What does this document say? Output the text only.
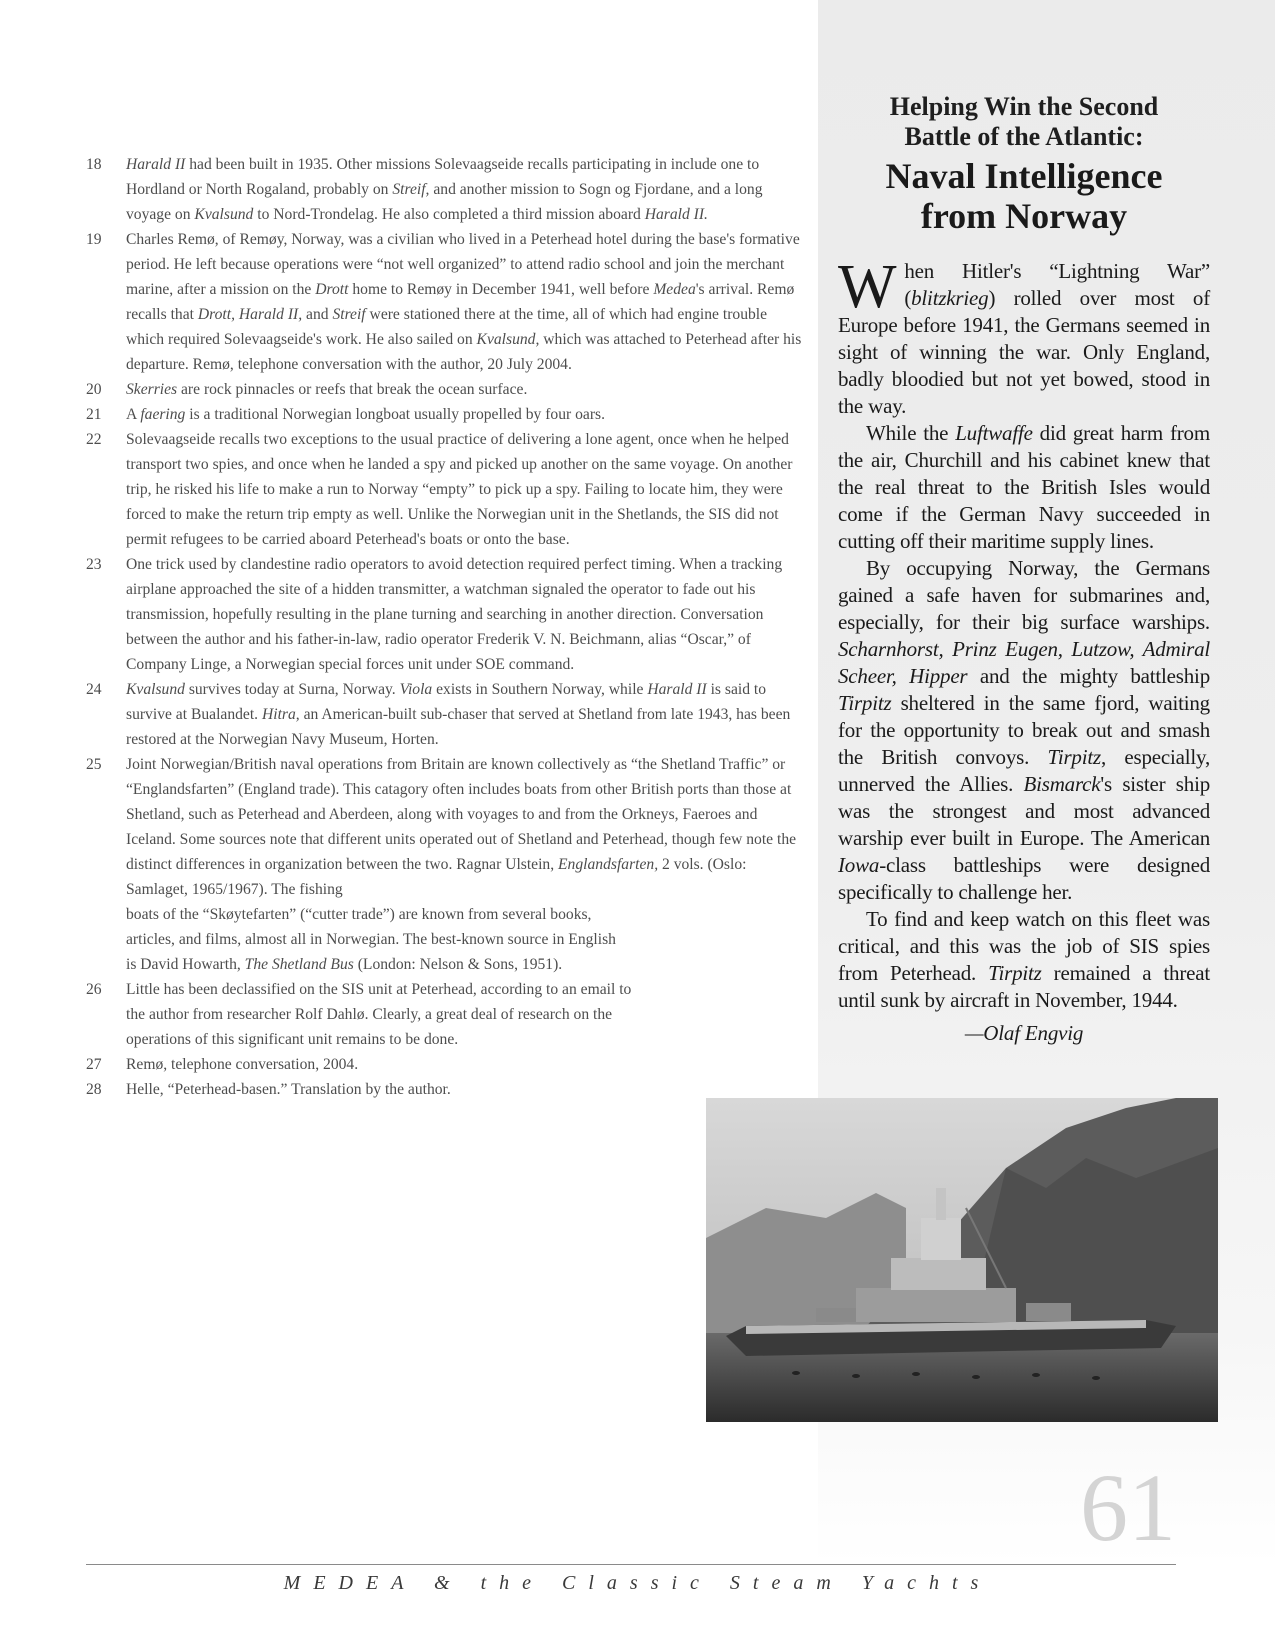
18	Harald II had been built in 1935. Other missions Solevaagseide recalls participating in include one to Hordland or North Rogaland, probably on Streif, and another mission to Sogn og Fjordane, and a long voyage on Kvalsund to Nord-Trondelag. He also completed a third mission aboard Harald II.
19	Charles Remø, of Remøy, Norway, was a civilian who lived in a Peterhead hotel during the base's formative period. He left because operations were “not well organized” to attend radio school and join the merchant marine, after a mission on the Drott home to Remøy in December 1941, well before Medea's arrival. Remø recalls that Drott, Harald II, and Streif were stationed there at the time, all of which had engine trouble which required Solevaagseide's work. He also sailed on Kvalsund, which was attached to Peterhead after his departure. Remø, telephone conversation with the author, 20 July 2004.
20	Skerries are rock pinnacles or reefs that break the ocean surface.
21	A faering is a traditional Norwegian longboat usually propelled by four oars.
22	Solevaagseide recalls two exceptions to the usual practice of delivering a lone agent, once when he helped transport two spies, and once when he landed a spy and picked up another on the same voyage. On another trip, he risked his life to make a run to Norway “empty” to pick up a spy. Failing to locate him, they were forced to make the return trip empty as well. Unlike the Norwegian unit in the Shetlands, the SIS did not permit refugees to be carried aboard Peterhead's boats or onto the base.
23	One trick used by clandestine radio operators to avoid detection required perfect timing. When a tracking airplane approached the site of a hidden transmitter, a watchman signaled the operator to fade out his transmission, hopefully resulting in the plane turning and searching in another direction. Conversation between the author and his father-in-law, radio operator Frederik V. N. Beichmann, alias “Oscar,” of Company Linge, a Norwegian special forces unit under SOE command.
24	Kvalsund survives today at Surna, Norway. Viola exists in Southern Norway, while Harald II is said to survive at Bualandet. Hitra, an American-built sub-chaser that served at Shetland from late 1943, has been restored at the Norwegian Navy Museum, Horten.
25	Joint Norwegian/British naval operations from Britain are known collectively as “the Shetland Traffic” or “Englandsfarten” (England trade). This catagory often includes boats from other British ports than those at Shetland, such as Peterhead and Aberdeen, along with voyages to and from the Orkneys, Faeroes and Iceland. Some sources note that different units operated out of Shetland and Peterhead, though few note the distinct differences in organization between the two. Ragnar Ulstein, Englandsfarten, 2 vols. (Oslo: Samlaget, 1965/1967). The fishing
boats of the “Skøytefarten” (“cutter trade”) are known from several books, articles, and films, almost all in Norwegian. The best-known source in English is David Howarth, The Shetland Bus (London: Nelson & Sons, 1951).
26	Little has been declassified on the SIS unit at Peterhead, according to an email to the author from researcher Rolf Dahlø. Clearly, a great deal of research on the operations of this significant unit remains to be done.
27	Remø, telephone conversation, 2004.
28	Helle, “Peterhead-basen.” Translation by the author.
Helping Win the Second
Battle of the Atlantic:
Naval Intelligence
from Norway

When Hitler's “Lightning War” (blitzkrieg) rolled over most of Europe before 1941, the Germans seemed in sight of winning the war. Only England, badly bloodied but not yet bowed, stood in the way.

While the Luftwaffe did great harm from the air, Churchill and his cabinet knew that the real threat to the British Isles would come if the German Navy succeeded in cutting off their maritime supply lines.

By occupying Norway, the Germans gained a safe haven for submarines and, especially, for their big surface warships. Scharnhorst, Prinz Eugen, Lutzow, Admiral Scheer, Hipper and the mighty battleship Tirpitz sheltered in the same fjord, waiting for the opportunity to break out and smash the British convoys. Tirpitz, especially, unnerved the Allies. Bismarck's sister ship was the strongest and most advanced warship ever built in Europe. The American Iowa-class battleships were designed specifically to challenge her.

To find and keep watch on this fleet was critical, and this was the job of SIS spies from Peterhead. Tirpitz remained a threat until sunk by aircraft in November, 1944.

—Olaf Engvig
61
MEDEA & the Classic Steam Yachts
